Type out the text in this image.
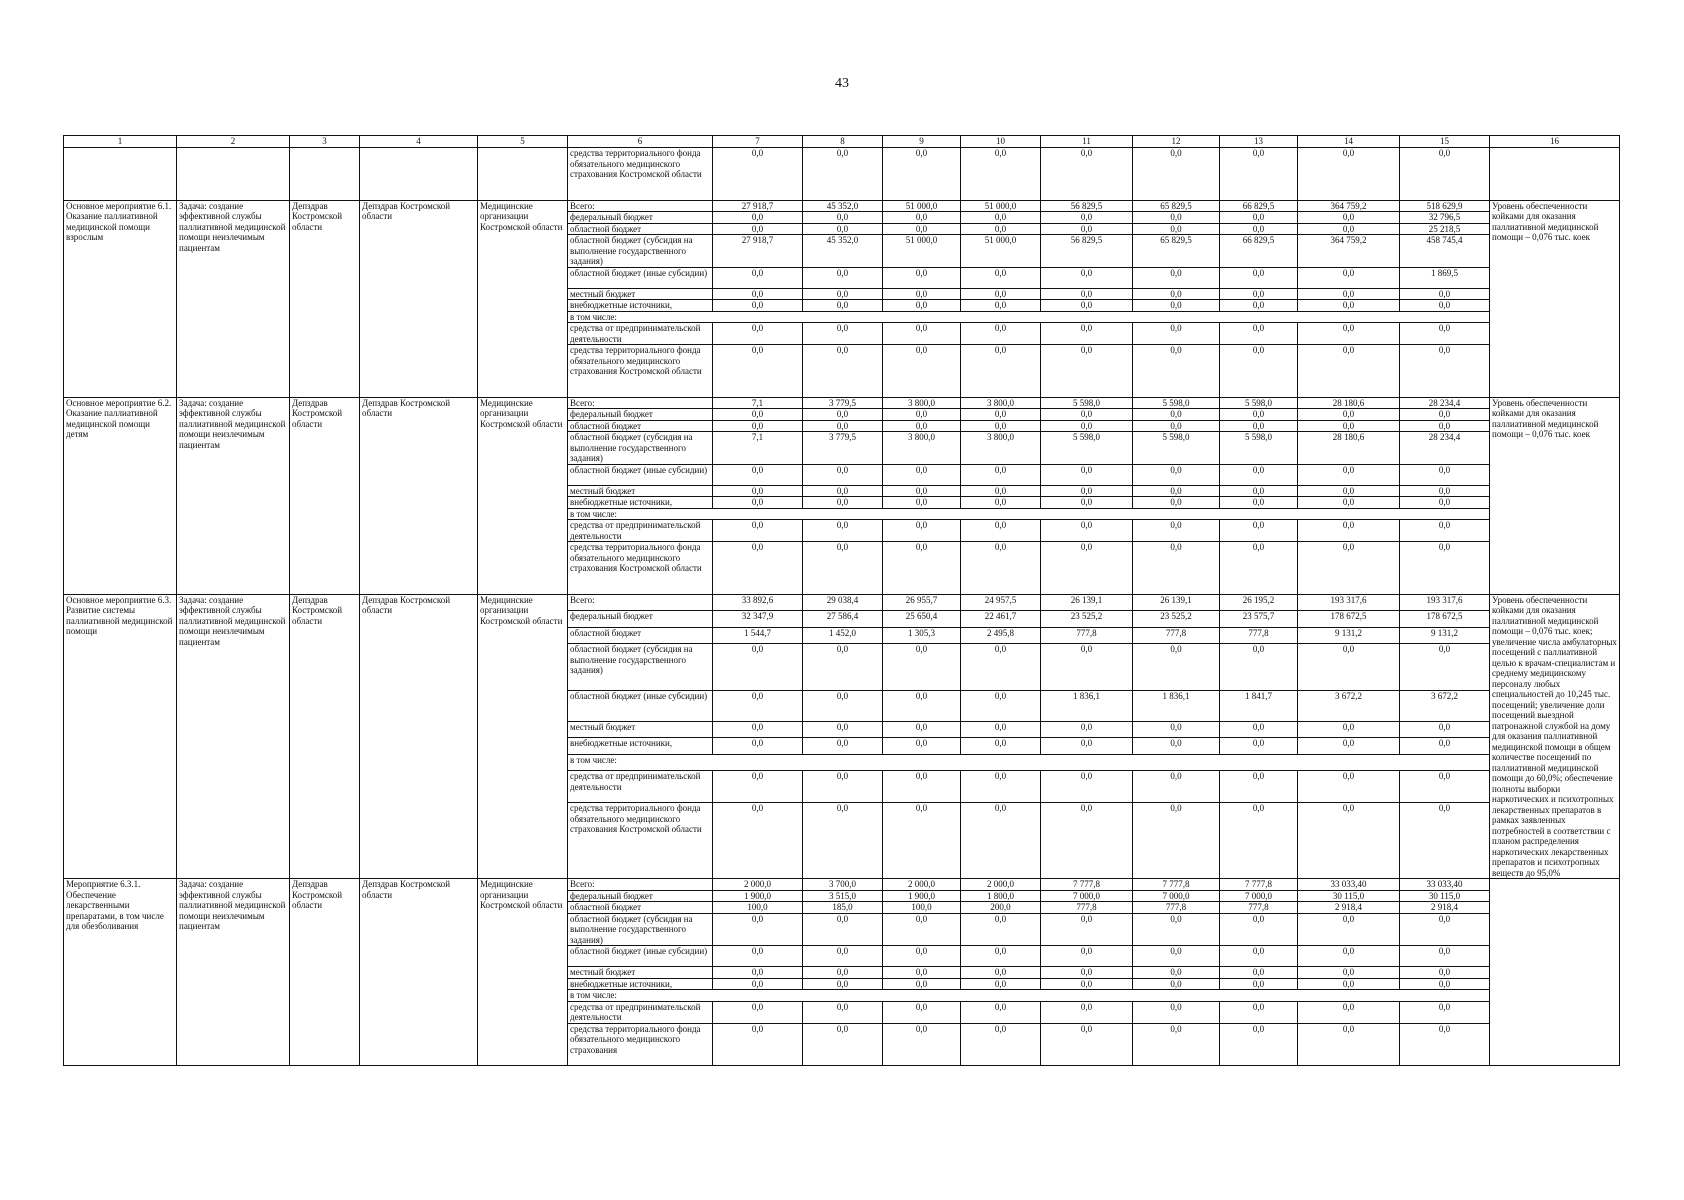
43
1	2	3	4	5	6	7	8	9	10	11	12	13	14	15	16
					средства территориального фонда обязательного медицинского страхования Костромской области	0,0	0,0	0,0	0,0	0,0	0,0	0,0	0,0	0,0	
Основное мероприятие 6.1. Оказание паллиативной медицинской помощи взрослым	Задача: создание эффективной службы паллиативной медицинской помощи неизлечимым пациентам	Депздрав Костромской области	Депздрав Костромской области	Медицинские организации Костромской области	Всего:	27 918,7	45 352,0	51 000,0	51 000,0	56 829,5	65 829,5	66 829,5	364 759,2	518 629,9	Уровень обеспеченности койками для оказания паллиативной медицинской помощи – 0,076 тыс. коек
					федеральный бюджет	0,0	0,0	0,0	0,0	0,0	0,0	0,0	0,0	32 796,5	
					областной бюджет	0,0	0,0	0,0	0,0	0,0	0,0	0,0	0,0	25 218,5	
					областной бюджет (субсидия на выполнение государственного задания)	27 918,7	45 352,0	51 000,0	51 000,0	56 829,5	65 829,5	66 829,5	364 759,2	458 745,4	
					областной бюджет (иные субсидии)	0,0	0,0	0,0	0,0	0,0	0,0	0,0	0,0	1 869,5	
					местный бюджет	0,0	0,0	0,0	0,0	0,0	0,0	0,0	0,0	0,0	
					внебюджетные источники,	0,0	0,0	0,0	0,0	0,0	0,0	0,0	0,0	0,0	
					в том числе:										
					средства от предпринимательской деятельности	0,0	0,0	0,0	0,0	0,0	0,0	0,0	0,0	0,0	
					средства территориального фонда обязательного медицинского страхования Костромской области	0,0	0,0	0,0	0,0	0,0	0,0	0,0	0,0	0,0	
Основное мероприятие 6.2. Оказание паллиативной медицинской помощи детям	Задача: создание эффективной службы паллиативной медицинской помощи неизлечимым пациентам	Депздрав Костромской области	Депздрав Костромской области	Медицинские организации Костромской области	Всего:	7,1	3 779,5	3 800,0	3 800,0	5 598,0	5 598,0	5 598,0	28 180,6	28 234,4	Уровень обеспеченности койками для оказания паллиативной медицинской помощи – 0,076 тыс. коек
					федеральный бюджет	0,0	0,0	0,0	0,0	0,0	0,0	0,0	0,0	0,0	
					областной бюджет	0,0	0,0	0,0	0,0	0,0	0,0	0,0	0,0	0,0	
					областной бюджет (субсидия на выполнение государственного задания)	7,1	3 779,5	3 800,0	3 800,0	5 598,0	5 598,0	5 598,0	28 180,6	28 234,4	
					областной бюджет (иные субсидии)	0,0	0,0	0,0	0,0	0,0	0,0	0,0	0,0	0,0	
					местный бюджет	0,0	0,0	0,0	0,0	0,0	0,0	0,0	0,0	0,0	
					внебюджетные источники,	0,0	0,0	0,0	0,0	0,0	0,0	0,0	0,0	0,0	
					в том числе:										
					средства от предпринимательской деятельности	0,0	0,0	0,0	0,0	0,0	0,0	0,0	0,0	0,0	
					средства территориального фонда обязательного медицинского страхования Костромской области	0,0	0,0	0,0	0,0	0,0	0,0	0,0	0,0	0,0	
Основное мероприятие 6.3. Развитие системы паллиативной медицинской помощи	Задача: создание эффективной службы паллиативной медицинской помощи неизлечимым пациентам	Депздрав Костромской области	Депздрав Костромской области	Медицинские организации Костромской области	Всего:	33 892,6	29 038,4	26 955,7	24 957,5	26 139,1	26 139,1	26 195,2	193 317,6	193 317,6	Уровень обеспеченности койками для оказания паллиативной медицинской помощи – 0,076 тыс. коек; увеличение числа амбулаторных посещений с паллиативной целью к врачам-специалистам и среднему медицинскому персоналу любых специальностей до 10,245 тыс. посещений; увеличение доли посещений выездной патронажной службой на дому для оказания паллиативной медицинской помощи в общем количестве посещений по паллиативной медицинской помощи до 60,0%; обеспечение полноты выборки наркотических и психотропных лекарственных препаратов в рамках заявленных потребностей в соответствии с планом распределения наркотических лекарственных препаратов и психотропных веществ до 95,0%
					федеральный бюджет	32 347,9	27 586,4	25 650,4	22 461,7	23 525,2	23 525,2	23 575,7	178 672,5	178 672,5	
					областной бюджет	1 544,7	1 452,0	1 305,3	2 495,8	777,8	777,8	777,8	9 131,2	9 131,2	
					областной бюджет (субсидия на выполнение государственного задания)	0,0	0,0	0,0	0,0	0,0	0,0	0,0	0,0	0,0	
					областной бюджет (иные субсидии)	0,0	0,0	0,0	0,0	1 836,1	1 836,1	1 841,7	3 672,2	3 672,2	
					местный бюджет	0,0	0,0	0,0	0,0	0,0	0,0	0,0	0,0	0,0	
					внебюджетные источники,	0,0	0,0	0,0	0,0	0,0	0,0	0,0	0,0	0,0	
					в том числе:										
					средства от предпринимательской деятельности	0,0	0,0	0,0	0,0	0,0	0,0	0,0	0,0	0,0	
					средства территориального фонда обязательного медицинского страхования Костромской области	0,0	0,0	0,0	0,0	0,0	0,0	0,0	0,0	0,0	
Мероприятие 6.3.1. Обеспечение лекарственными препаратами, в том числе для обезболивания	Задача: создание эффективной службы паллиативной медицинской помощи неизлечимым пациентам	Депздрав Костромской области	Депздрав Костромской области	Медицинские организации Костромской области	Всего:	2 000,0	3 700,0	2 000,0	2 000,0	7 777,8	7 777,8	7 777,8	33 033,40	33 033,40	
					федеральный бюджет	1 900,0	3 515,0	1 900,0	1 800,0	7 000,0	7 000,0	7 000,0	30 115,0	30 115,0	
					областной бюджет	100,0	185,0	100,0	200,0	777,8	777,8	777,8	2 918,4	2 918,4	
					областной бюджет (субсидия на выполнение государственного задания)	0,0	0,0	0,0	0,0	0,0	0,0	0,0	0,0	0,0	
					областной бюджет (иные субсидии)	0,0	0,0	0,0	0,0	0,0	0,0	0,0	0,0	0,0	
					местный бюджет	0,0	0,0	0,0	0,0	0,0	0,0	0,0	0,0	0,0	
					внебюджетные источники,	0,0	0,0	0,0	0,0	0,0	0,0	0,0	0,0	0,0	
					в том числе:										
					средства от предпринимательской деятельности	0,0	0,0	0,0	0,0	0,0	0,0	0,0	0,0	0,0	
					средства территориального фонда обязательного медицинского страхования	0,0	0,0	0,0	0,0	0,0	0,0	0,0	0,0	0,0	
